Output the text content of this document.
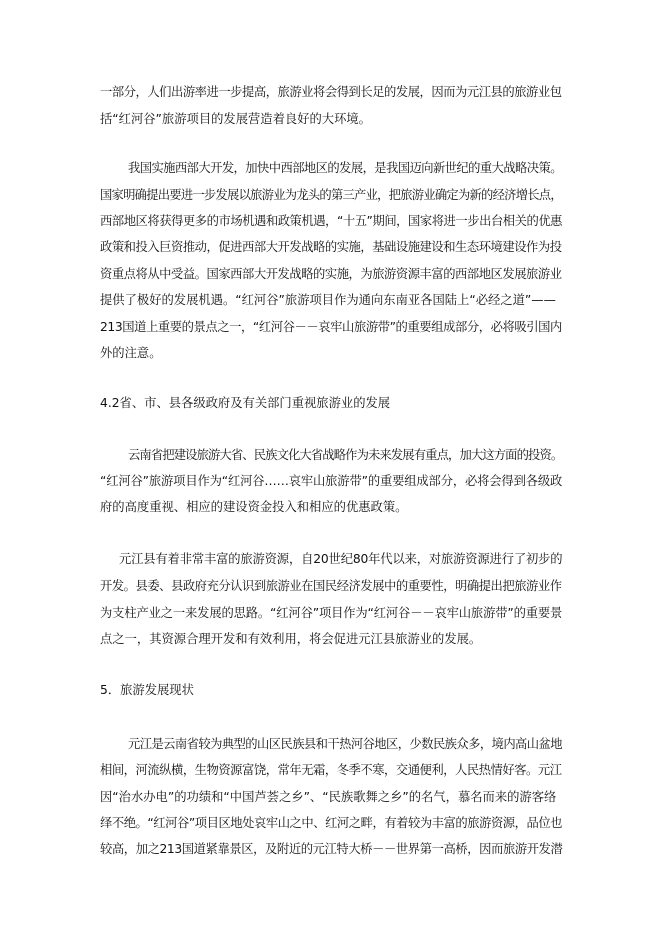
一部分，人们出游率进一步提高，旅游业将会得到长足的发展，因而为元江县的旅游业包
括“红河谷”旅游项目的发展营造着良好的大环境。
我国实施西部大开发，加快中西部地区的发展，是我国迈向新世纪的重大战略决策。
国家明确提出要进一步发展以旅游业为龙头的第三产业，把旅游业确定为新的经济增长点，
西部地区将获得更多的市场机遇和政策机遇，“十五”期间，国家将进一步出台相关的优惠
政策和投入巨资推动，促进西部大开发战略的实施，基础设施建设和生态环境建设作为投
资重点将从中受益。国家西部大开发战略的实施，为旅游资源丰富的西部地区发展旅游业
提供了极好的发展机遇。“红河谷”旅游项目作为通向东南亚各国陆上“必经之道”——
213国道上重要的景点之一，“红河谷－－哀牢山旅游带”的重要组成部分，必将吸引国内
外的注意。
4.2省、市、县各级政府及有关部门重视旅游业的发展
云南省把建设旅游大省、民族文化大省战略作为未来发展有重点，加大这方面的投资。
“红河谷”旅游项目作为“红河谷……哀牢山旅游带”的重要组成部分，必将会得到各级政
府的高度重视、相应的建设资金投入和相应的优惠政策。
元江县有着非常丰富的旅游资源，自20世纪80年代以来，对旅游资源进行了初步的
开发。县委、县政府充分认识到旅游业在国民经济发展中的重要性，明确提出把旅游业作
为支柱产业之一来发展的思路。“红河谷”项目作为“红河谷－－哀牢山旅游带”的重要景
点之一，其资源合理开发和有效利用，将会促进元江县旅游业的发展。
5．旅游发展现状
元江是云南省较为典型的山区民族县和干热河谷地区，少数民族众多，境内高山盆地
相间，河流纵横，生物资源富饶，常年无霜，冬季不寒，交通便利，人民热情好客。元江
因“治水办电”的功绩和“中国芦荟之乡”、“民族歌舞之乡”的名气，慕名而来的游客络
绎不绝。“红河谷”项目区地处哀牢山之中、红河之畔，有着较为丰富的旅游资源，品位也
较高，加之213国道紧靠景区，及附近的元江特大桥－－世界第一高桥，因而旅游开发潜
